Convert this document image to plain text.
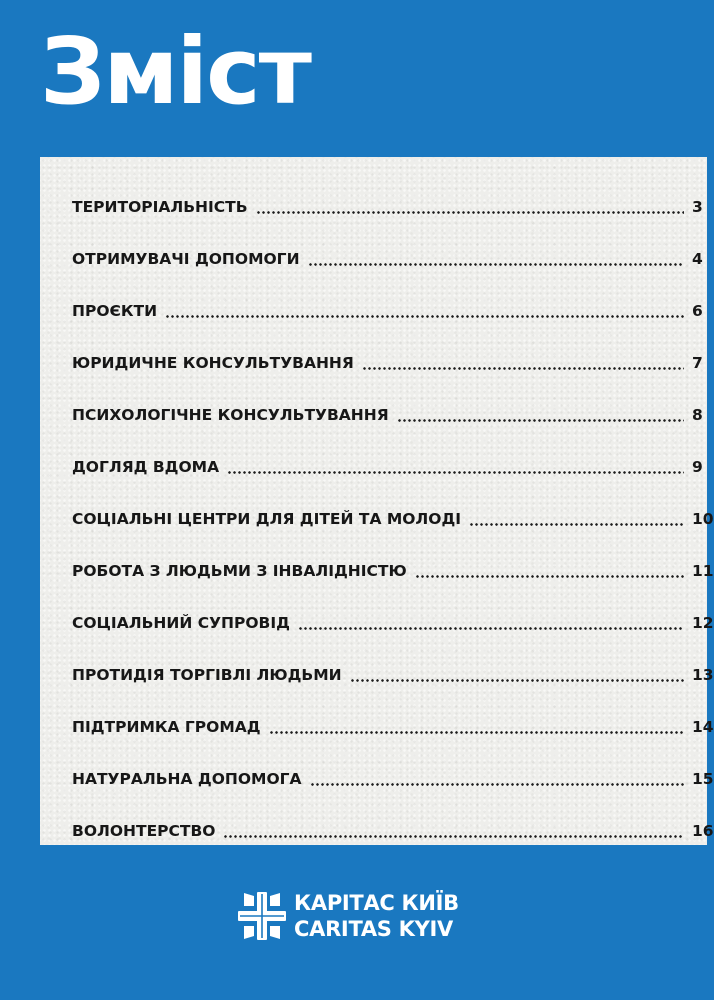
Зміст
ТЕРИТОРІАЛЬНІСТЬ	3
ОТРИМУВАЧІ ДОПОМОГИ	4
ПРОЄКТИ	6
ЮРИДИЧНЕ КОНСУЛЬТУВАННЯ	7
ПСИХОЛОГІЧНЕ КОНСУЛЬТУВАННЯ	8
ДОГЛЯД ВДОМА	9
СОЦІАЛЬНІ ЦЕНТРИ ДЛЯ ДІТЕЙ ТА МОЛОДІ	10
РОБОТА З ЛЮДЬМИ З ІНВАЛІДНІСТЮ	11
СОЦІАЛЬНИЙ СУПРОВІД	12
ПРОТИДІЯ ТОРГІВЛІ ЛЮДЬМИ	13
ПІДТРИМКА ГРОМАД	14
НАТУРАЛЬНА ДОПОМОГА	15
ВОЛОНТЕРСТВО	16
КАРІТАС КИЇВ
CARITAS KYIV
